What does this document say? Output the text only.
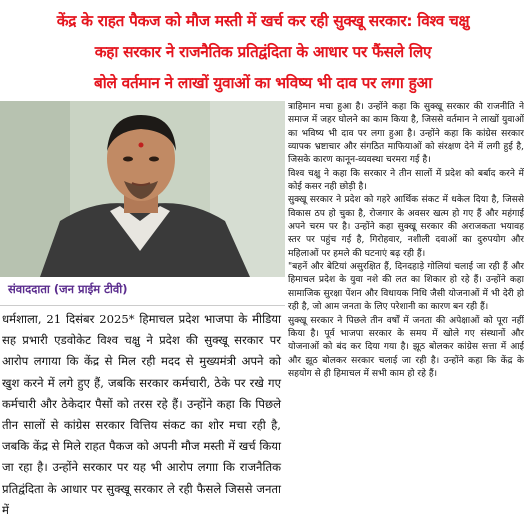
केंद्र के राहत पैकज को मौज मस्ती में खर्च कर रही सुक्खू सरकार: विश्व चक्षु
कहा सरकार ने राजनैतिक प्रतिद्वंदिता के आधार पर फैंसले लिए
बोले वर्तमान ने लाखों युवाओं का भविष्य भी दाव पर लगा हुआ
संवाददाता (जन प्राईम टीवी)

धर्मशाला, 21 दिसंबर 2025* हिमाचल प्रदेश भाजपा के मीडिया सह प्रभारी एडवोकेट विश्व चक्षु ने प्रदेश की सुक्खू सरकार पर आरोप लगाया कि केंद्र से मिल रही मदद से मुख्यमंत्री अपने को खुश करने में लगे हुए हैं, जबकि सरकार कर्मचारी, ठेके पर रखे गए कर्मचारी और ठेकेदार पैसों को तरस रहे हैं। उन्होंने कहा कि पिछले तीन सालों से कांग्रेस सरकार वित्तिय संकट का शोर मचा रही है, जबकि केंद्र से मिले राहत पैकज को अपनी मौज मस्ती में खर्च किया जा रहा है। उन्होंने सरकार पर यह भी आरोप लगाा कि राजनैतिक प्रतिद्वंदिता के आधार पर सुक्खू सरकार ले रही फैसले जिससे जनता में

त्राहिमान मचा हुआ है। उन्होंने कहा कि सुक्खू सरकार की राजनीति ने समाज में जहर घोलने का काम किया है, जिससे वर्तमान ने लाखों युवाओं का भविष्य भी दाव पर लगा हुआ है। उन्होंने कहा कि कांग्रेस सरकार व्यापक भ्रष्टाचार और संगठित माफियाओं को संरक्षण देने में लगी हुई है, जिसके कारण कानून-व्यवस्था चरमरा गई है।

विश्व चक्षु ने कहा कि सरकार ने तीन सालों में प्रदेश को बर्बाद करने में कोई कसर नही छोड़ी है।

सुक्खू सरकार ने प्रदेश को गहरे आर्थिक संकट में धकेल दिया है, जिससे विकास ठप हो चुका है, रोजगार के अवसर खत्म हो गए हैं और महंगाई अपने चरम पर है। उन्होंने कहा सुक्खू सरकार की अराजकता भयावह स्तर पर पहुंच गई है, गिरोहवार, नशीली दवाओं का दुरुपयोग और महिलाओं पर हमले की घटनाएं बढ़ रही हैं।

"बहनें और बेटियां असुरक्षित हैं, दिनदहाड़े गोलियां चलाई जा रही हैं और हिमाचल प्रदेश के युवा नशे की लत का शिकार हो रहे हैं। उन्होंने कहा सामाजिक सुरक्षा पेंशन और विधायक निधि जैसी योजनाओं में भी देरी हो रही है, जो आम जनता के लिए परेशानी का कारण बन रही हैं।

सुक्खू सरकार ने पिछले तीन वर्षों में जनता की अपेक्षाओं को पूरा नहीं किया है। पूर्व भाजपा सरकार के समय में खोले गए संस्थानों और योजनाओं को बंद कर दिया गया है। झूठ बोलकर कांग्रेस सत्ता में आई और झूठ बोलकर सरकार चलाई जा रही है। उन्होंने कहा कि केंद्र के सहयोग से ही हिमाचल में सभी काम हो रहे हैं।
